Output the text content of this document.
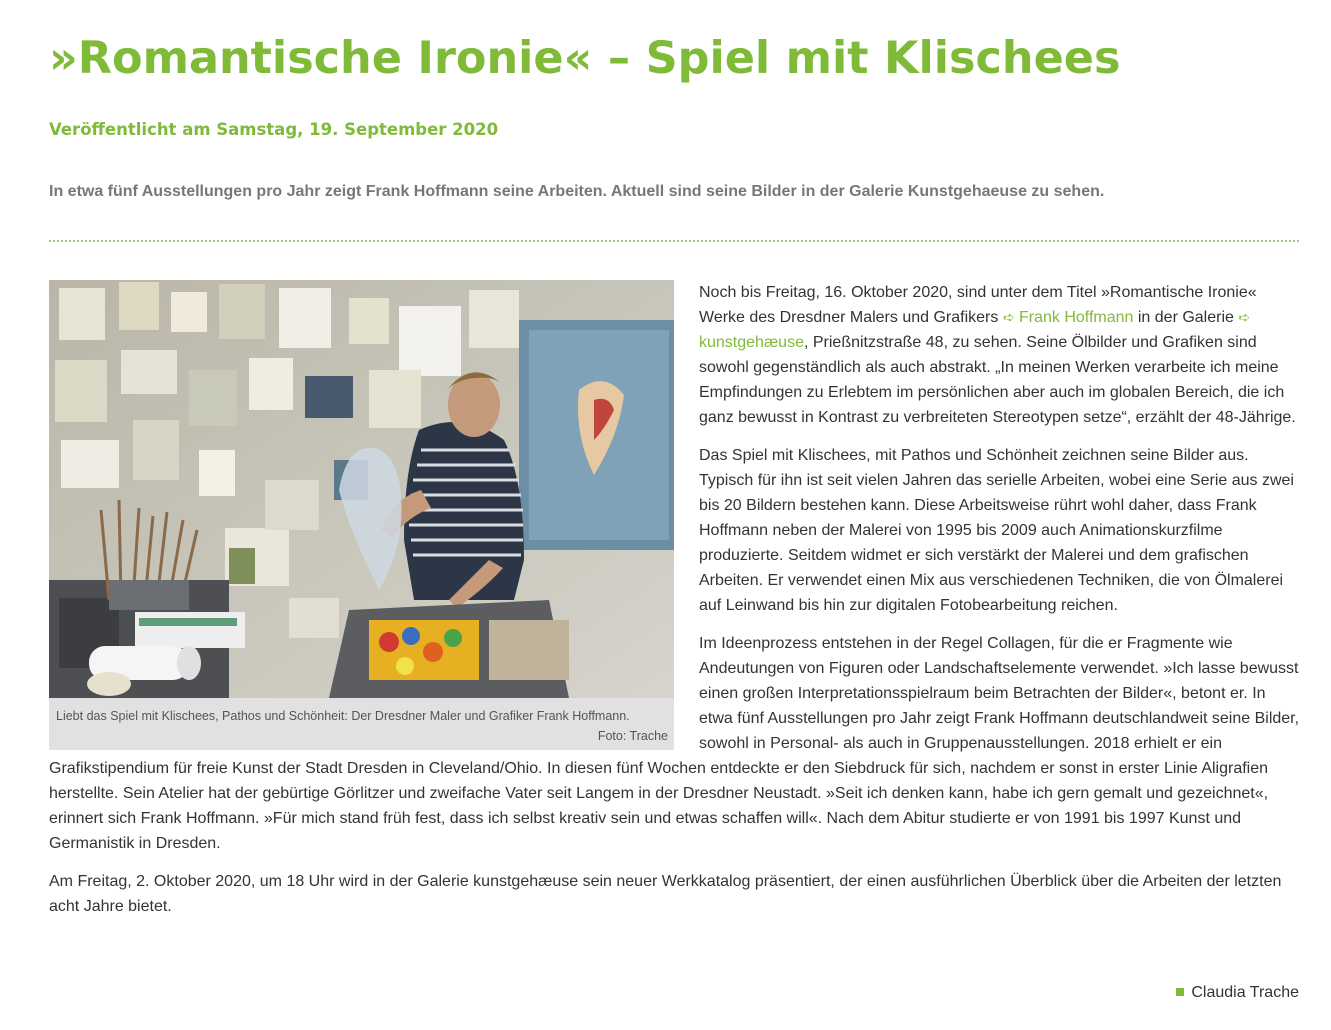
»Romantische Ironie« – Spiel mit Klischees
Veröffentlicht am Samstag, 19. September 2020
In etwa fünf Ausstellungen pro Jahr zeigt Frank Hoffmann seine Arbeiten. Aktuell sind seine Bilder in der Galerie Kunstgehaeuse zu sehen.
Liebt das Spiel mit Klischees, Pathos und Schönheit: Der Dresdner Maler und Grafiker Frank Hoffmann.
Foto: Trache

Noch bis Freitag, 16. Oktober 2020, sind unter dem Titel »Romantische Ironie« Werke des Dresdner Malers und Grafikers ➪ Frank Hoffmann in der Galerie ➪ kunstgehæuse, Prießnitzstraße 48, zu sehen. Seine Ölbilder und Grafiken sind sowohl gegenständlich als auch abstrakt. „In meinen Werken verarbeite ich meine Empfindungen zu Erlebtem im persönlichen aber auch im globalen Bereich, die ich ganz bewusst in Kontrast zu verbreiteten Stereotypen setze“, erzählt der 48-Jährige.

Das Spiel mit Klischees, mit Pathos und Schönheit zeichnen seine Bilder aus. Typisch für ihn ist seit vielen Jahren das serielle Arbeiten, wobei eine Serie aus zwei bis 20 Bildern bestehen kann. Diese Arbeitsweise rührt wohl daher, dass Frank Hoffmann neben der Malerei von 1995 bis 2009 auch Animationskurzfilme produzierte. Seitdem widmet er sich verstärkt der Malerei und dem grafischen Arbeiten. Er verwendet einen Mix aus verschiedenen Techniken, die von Ölmalerei auf Leinwand bis hin zur digitalen Fotobearbeitung reichen.

Im Ideenprozess entstehen in der Regel Collagen, für die er Fragmente wie Andeutungen von Figuren oder Landschaftselemente verwendet. »Ich lasse bewusst einen großen Interpretationsspielraum beim Betrachten der Bilder«, betont er. In etwa fünf Ausstellungen pro Jahr zeigt Frank Hoffmann deutschlandweit seine Bilder, sowohl in Personal- als auch in Gruppenausstellungen. 2018 erhielt er ein Grafikstipendium für freie Kunst der Stadt Dresden in Cleveland/Ohio. In diesen fünf Wochen entdeckte er den Siebdruck für sich, nachdem er sonst in erster Linie Aligrafien herstellte. Sein Atelier hat der gebürtige Görlitzer und zweifache Vater seit Langem in der Dresdner Neustadt. »Seit ich denken kann, habe ich gern gemalt und gezeichnet«, erinnert sich Frank Hoffmann. »Für mich stand früh fest, dass ich selbst kreativ sein und etwas schaffen will«. Nach dem Abitur studierte er von 1991 bis 1997 Kunst und Germanistik in Dresden.

Am Freitag, 2. Oktober 2020, um 18 Uhr wird in der Galerie kunstgehæuse sein neuer Werkkatalog präsentiert, der einen ausführlichen Überblick über die Arbeiten der letzten acht Jahre bietet.

Claudia Trache
